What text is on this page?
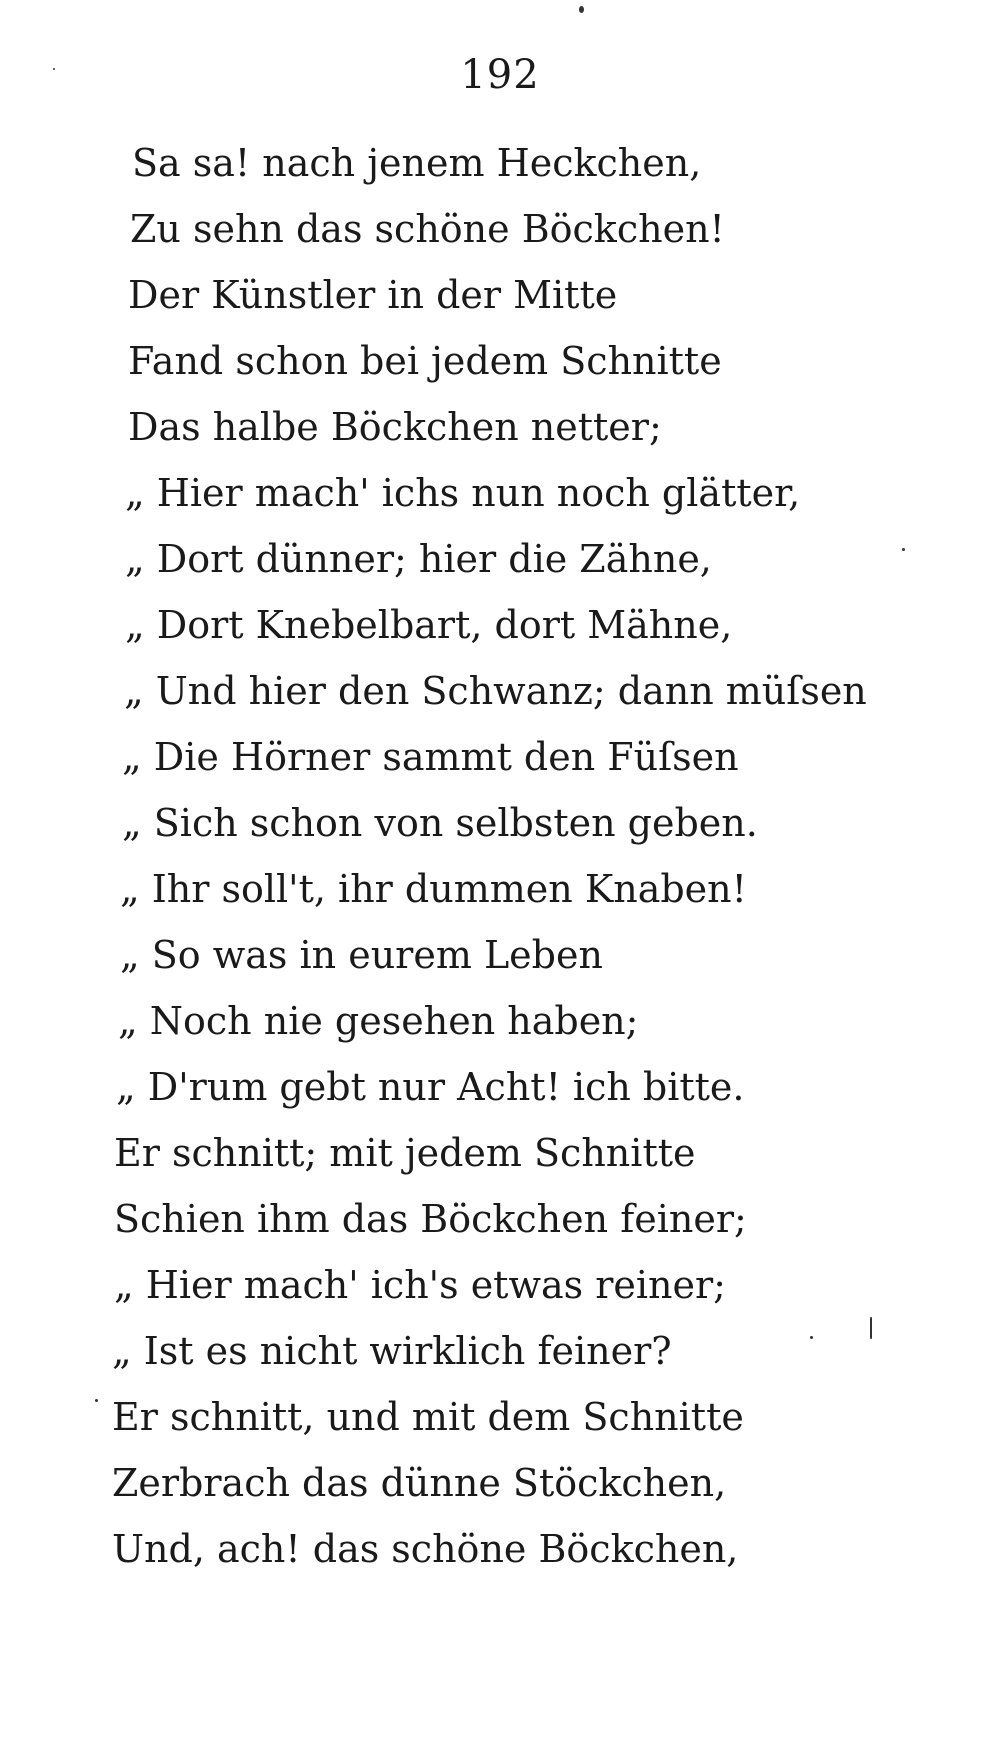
192
Sa sa! nach jenem Heckchen,
Zu sehn das schöne Böckchen!
Der Künstler in der Mitte
Fand schon bei jedem Schnitte
Das halbe Böckchen netter;
„ Hier mach' ichs nun noch glätter,
„ Dort dünner; hier die Zähne,
„ Dort Knebelbart, dort Mähne,
„ Und hier den Schwanz; dann müſsen
„ Die Hörner sammt den Füſsen
„ Sich schon von selbsten geben.
„ Ihr soll't, ihr dummen Knaben!
„ So was in eurem Leben
„ Noch nie gesehen haben;
„ D'rum gebt nur Acht! ich bitte.
Er schnitt; mit jedem Schnitte
Schien ihm das Böckchen feiner;
„ Hier mach' ich's etwas reiner;
„ Ist es nicht wirklich feiner?
Er schnitt, und mit dem Schnitte
Zerbrach das dünne Stöckchen,
Und, ach! das schöne Böckchen,
